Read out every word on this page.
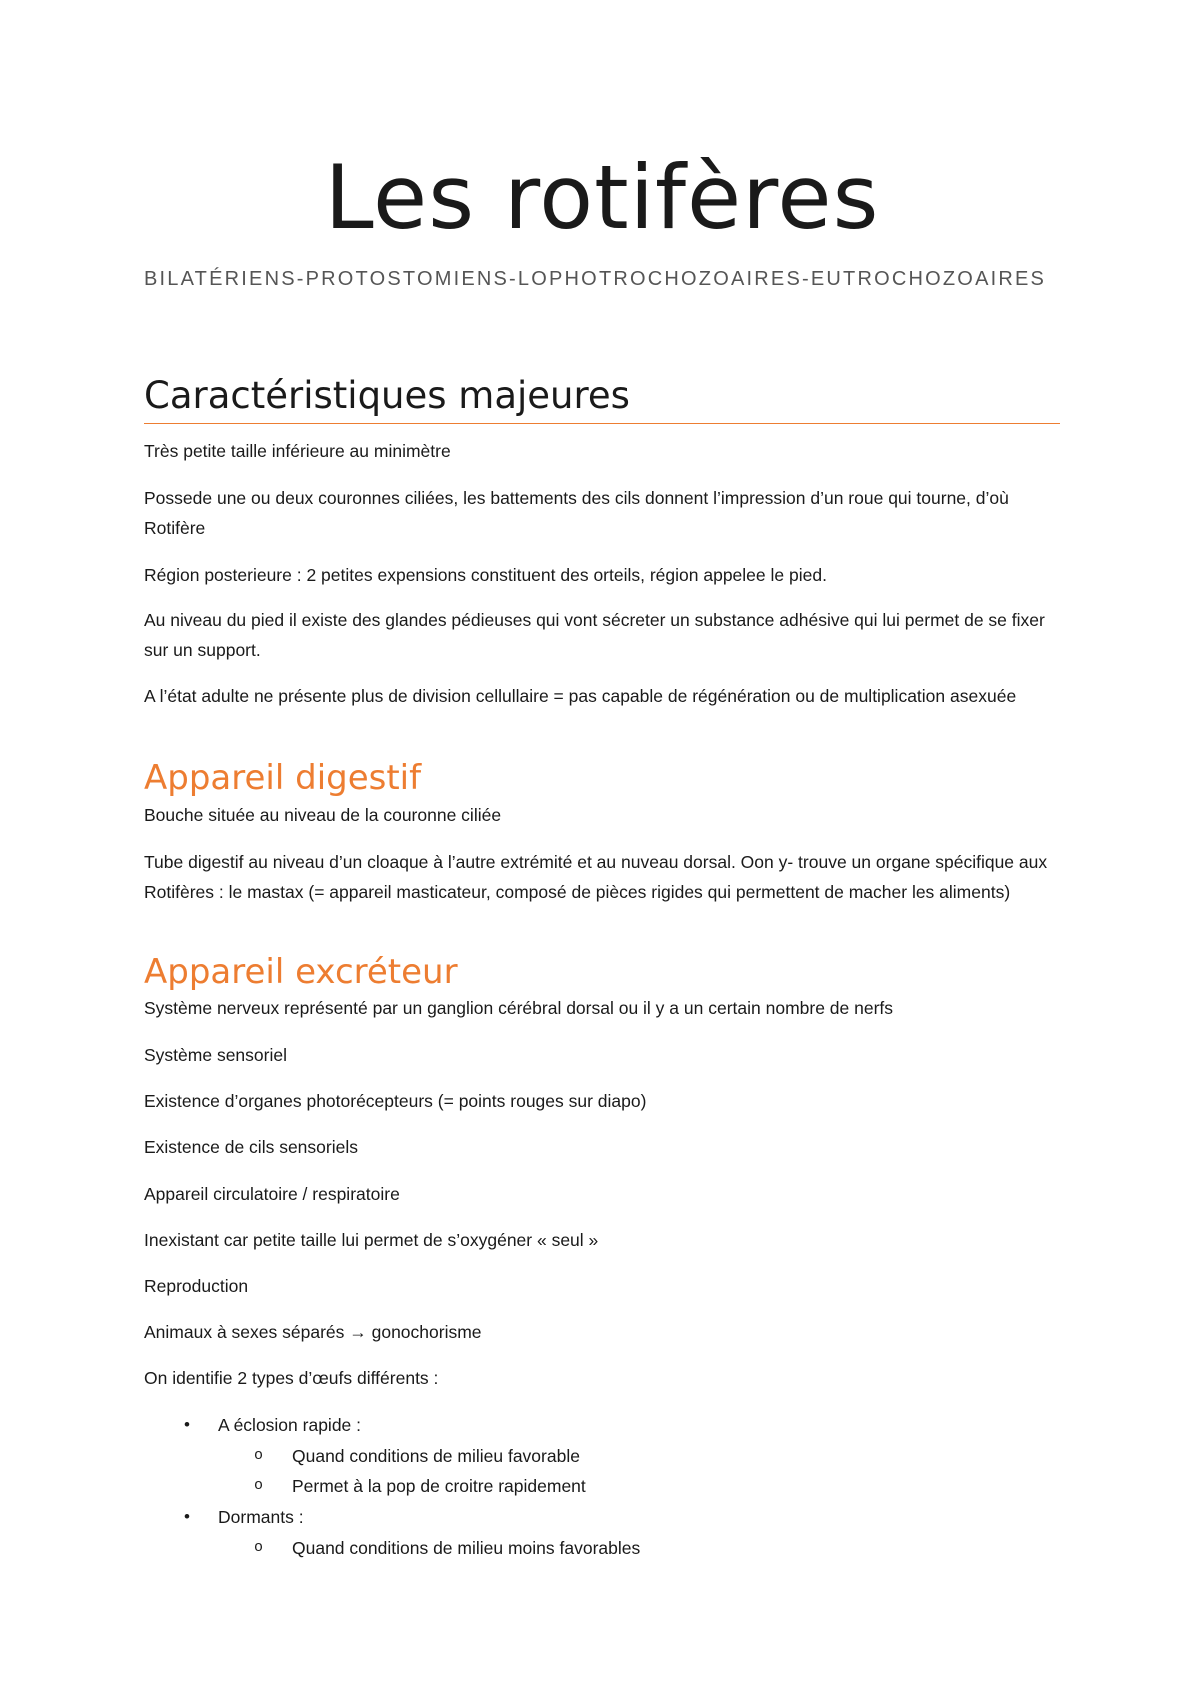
Les rotifères

BILATÉRIENS-PROTOSTOMIENS-LOPHOTROCHOZOAIRES-EUTROCHOZOAIRES

Caractéristiques majeures

Très petite taille inférieure au minimètre

Possede une ou deux couronnes ciliées, les battements des cils donnent l’impression d’un roue qui tourne, d’où Rotifère

Région posterieure : 2 petites expensions constituent des orteils, région appelee le pied.

Au niveau du pied il existe des glandes pédieuses qui vont sécreter un substance adhésive qui lui permet de se fixer sur un support.

A l’état adulte ne présente plus de division cellullaire = pas capable de régénération ou de multiplication asexuée

Appareil digestif

Bouche située au niveau de la couronne ciliée

Tube digestif au niveau d’un cloaque à l’autre extrémité et au nuveau dorsal. Oon y- trouve un organe spécifique aux Rotifères : le mastax (= appareil masticateur, composé de pièces rigides qui permettent de macher les aliments)

Appareil excréteur

Système nerveux représenté par un ganglion cérébral dorsal ou il y a un certain nombre de nerfs

Système sensoriel

Existence d’organes photorécepteurs (= points rouges sur diapo)

Existence de cils sensoriels

Appareil circulatoire / respiratoire

Inexistant car petite taille lui permet de s’oxygéner « seul »

Reproduction

Animaux à sexes séparés → gonochorisme

On identifie 2 types d’œufs différents :

• A éclosion rapide :
o Quand conditions de milieu favorable
o Permet à la pop de croitre rapidement
• Dormants :
o Quand conditions de milieu moins favorables
